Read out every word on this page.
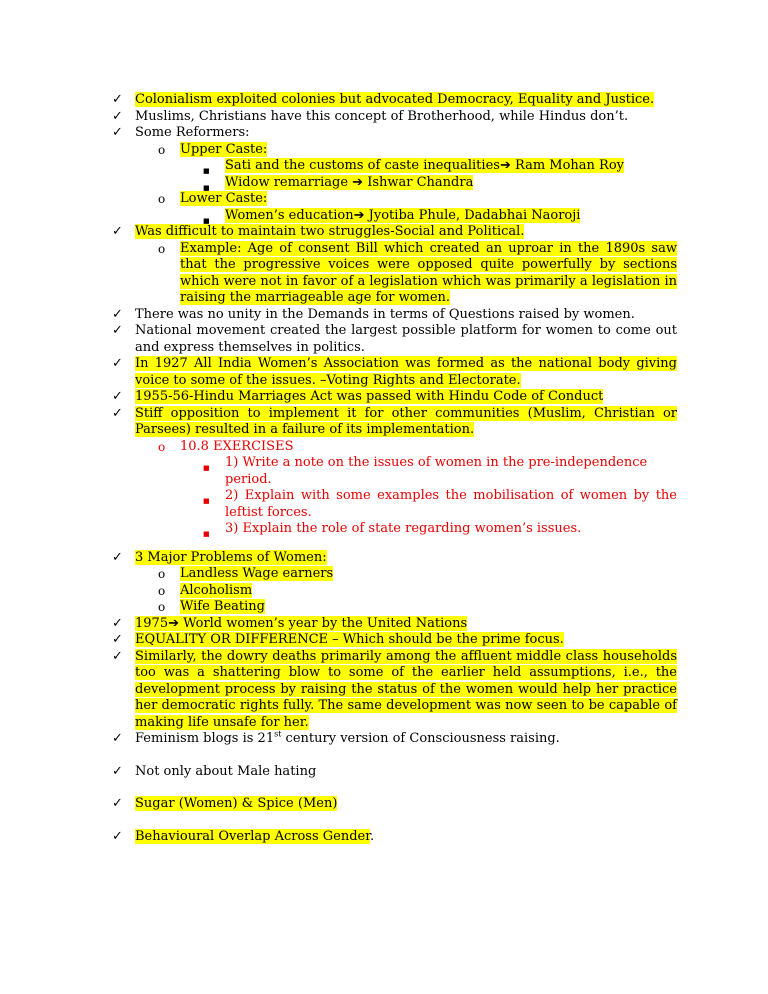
✓ Colonialism exploited colonies but advocated Democracy, Equality and Justice.
✓ Muslims, Christians have this concept of Brotherhood, while Hindus don’t.
✓ Some Reformers:
o Upper Caste:
■ Sati and the customs of caste inequalities➔ Ram Mohan Roy
■ Widow remarriage ➔ Ishwar Chandra
o Lower Caste:
■ Women’s education➔ Jyotiba Phule, Dadabhai Naoroji
✓ Was difficult to maintain two struggles-Social and Political.
o Example: Age of consent Bill which created an uproar in the 1890s saw that the progressive voices were opposed quite powerfully by sections which were not in favor of a legislation which was primarily a legislation in raising the marriageable age for women.
✓ There was no unity in the Demands in terms of Questions raised by women.
✓ National movement created the largest possible platform for women to come out and express themselves in politics.
✓ In 1927 All India Women’s Association was formed as the national body giving voice to some of the issues. –Voting Rights and Electorate.
✓ 1955-56-Hindu Marriages Act was passed with Hindu Code of Conduct
✓ Stiff opposition to implement it for other communities (Muslim, Christian or Parsees) resulted in a failure of its implementation.
o 10.8 EXERCISES
■ 1) Write a note on the issues of women in the pre-independence period.
■ 2) Explain with some examples the mobilisation of women by the leftist forces.
■ 3) Explain the role of state regarding women’s issues.
✓ 3 Major Problems of Women:
o Landless Wage earners
o Alcoholism
o Wife Beating
✓ 1975➔ World women’s year by the United Nations
✓ EQUALITY OR DIFFERENCE – Which should be the prime focus.
✓ Similarly, the dowry deaths primarily among the affluent middle class households too was a shattering blow to some of the earlier held assumptions, i.e., the development process by raising the status of the women would help her practice her democratic rights fully. The same development was now seen to be capable of making life unsafe for her.
✓ Feminism blogs is 21st century version of Consciousness raising.
✓ Not only about Male hating
✓ Sugar (Women) & Spice (Men)
✓ Behavioural Overlap Across Gender.
